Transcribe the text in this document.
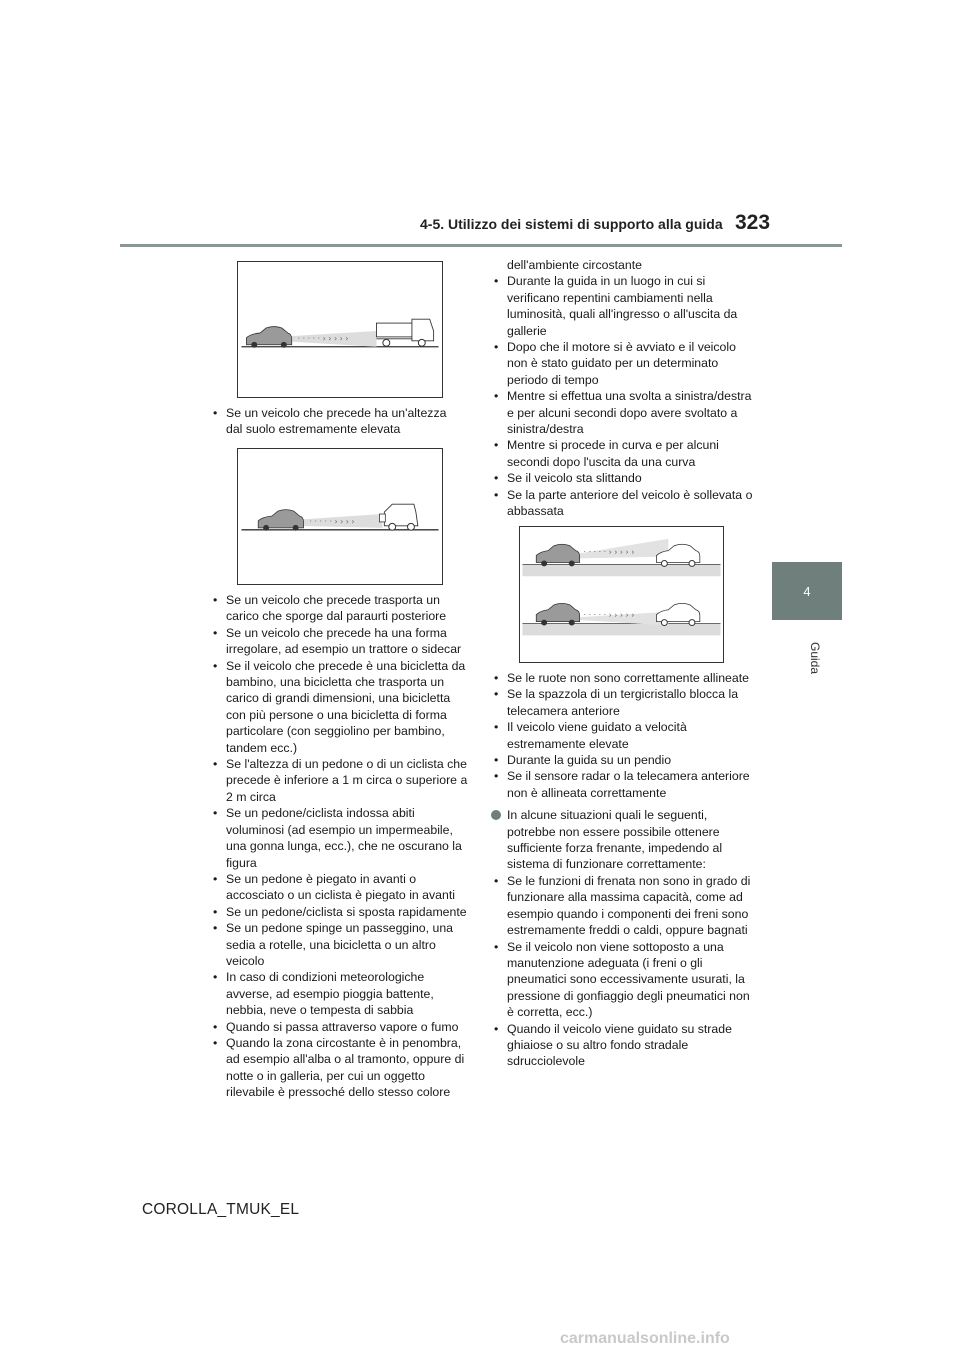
4-5. Utilizzo dei sistemi di supporto alla guida 323
4
Guida
· · · · · › › › › ›
• Se un veicolo che precede ha un'altezza dal suolo estremamente elevata
· · · · · › › › ›
• Se un veicolo che precede trasporta un carico che sporge dal paraurti posteriore
• Se un veicolo che precede ha una forma irregolare, ad esempio un trattore o sidecar
• Se il veicolo che precede è una bicicletta da bambino, una bicicletta che trasporta un carico di grandi dimensioni, una bicicletta con più persone o una bicicletta di forma particolare (con seggiolino per bambino, tandem ecc.)
• Se l'altezza di un pedone o di un ciclista che precede è inferiore a 1 m circa o superiore a 2 m circa
• Se un pedone/ciclista indossa abiti voluminosi (ad esempio un impermeabile, una gonna lunga, ecc.), che ne oscurano la figura
• Se un pedone è piegato in avanti o accosciato o un ciclista è piegato in avanti
• Se un pedone/ciclista si sposta rapidamente
• Se un pedone spinge un passeggino, una sedia a rotelle, una bicicletta o un altro veicolo
• In caso di condizioni meteorologiche avverse, ad esempio pioggia battente, nebbia, neve o tempesta di sabbia
• Quando si passa attraverso vapore o fumo
• Quando la zona circostante è in penombra, ad esempio all'alba o al tramonto, oppure di notte o in galleria, per cui un oggetto rilevabile è pressoché dello stesso colore
dell'ambiente circostante
• Durante la guida in un luogo in cui si verificano repentini cambiamenti nella luminosità, quali all'ingresso o all'uscita da gallerie
• Dopo che il motore si è avviato e il veicolo non è stato guidato per un determinato periodo di tempo
• Mentre si effettua una svolta a sinistra/destra e per alcuni secondi dopo avere svoltato a sinistra/destra
• Mentre si procede in curva e per alcuni secondi dopo l'uscita da una curva
• Se il veicolo sta slittando
• Se la parte anteriore del veicolo è sollevata o abbassata
· · · · · › › › › ›
· · · · · › › › › ›
• Se le ruote non sono correttamente allineate
• Se la spazzola di un tergicristallo blocca la telecamera anteriore
• Il veicolo viene guidato a velocità estremamente elevate
• Durante la guida su un pendio
• Se il sensore radar o la telecamera anteriore non è allineata correttamente
In alcune situazioni quali le seguenti, potrebbe non essere possibile ottenere sufficiente forza frenante, impedendo al sistema di funzionare correttamente:
• Se le funzioni di frenata non sono in grado di funzionare alla massima capacità, come ad esempio quando i componenti dei freni sono estremamente freddi o caldi, oppure bagnati
• Se il veicolo non viene sottoposto a una manutenzione adeguata (i freni o gli pneumatici sono eccessivamente usurati, la pressione di gonfiaggio degli pneumatici non è corretta, ecc.)
• Quando il veicolo viene guidato su strade ghiaiose o su altro fondo stradale sdrucciolevole
COROLLA_TMUK_EL
carmanualsonline.info
